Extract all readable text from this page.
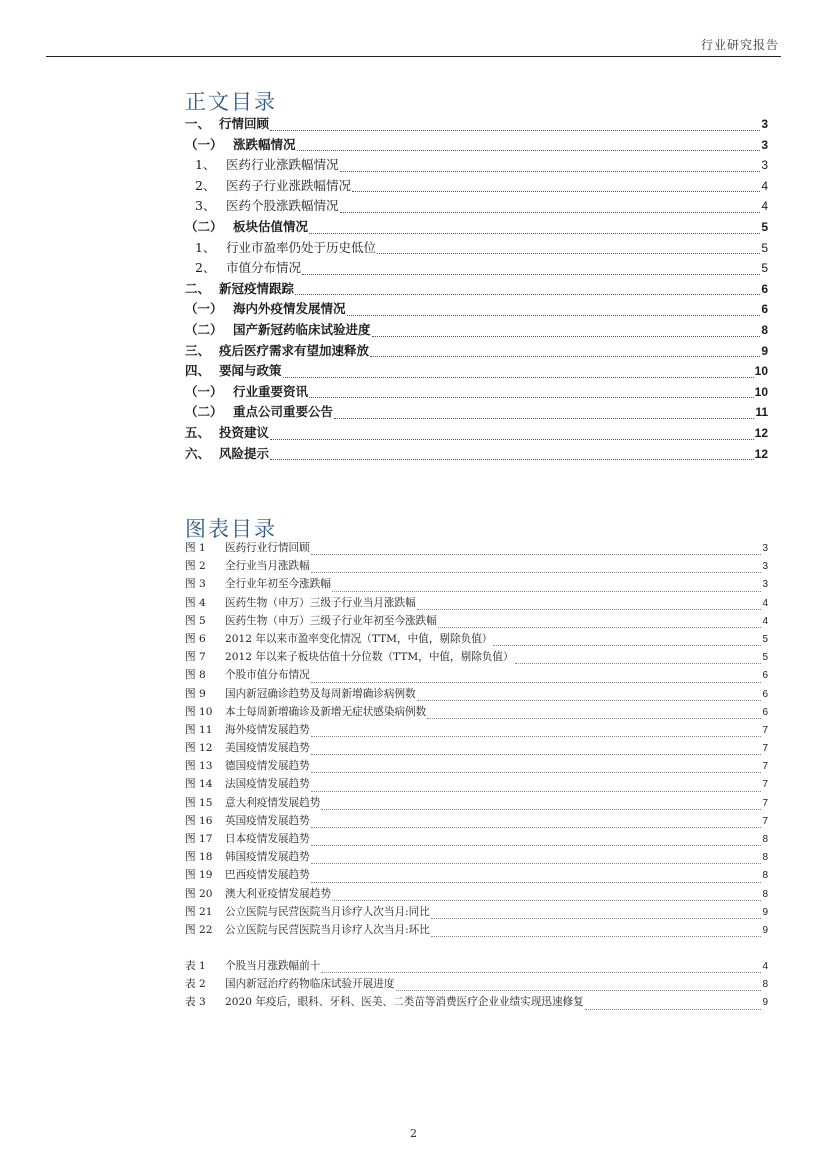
行业研究报告
正文目录
一、 行情回顾	3
（一） 涨跌幅情况	3
1、 医药行业涨跌幅情况	3
2、 医药子行业涨跌幅情况	4
3、 医药个股涨跌幅情况	4
（二） 板块估值情况	5
1、 行业市盈率仍处于历史低位	5
2、 市值分布情况	5
二、 新冠疫情跟踪	6
（一） 海内外疫情发展情况	6
（二） 国产新冠药临床试验进度	8
三、 疫后医疗需求有望加速释放	9
四、 要闻与政策	10
（一） 行业重要资讯	10
（二） 重点公司重要公告	11
五、 投资建议	12
六、 风险提示	12
图表目录
图 1	医药行业行情回顾	3
图 2	全行业当月涨跌幅	3
图 3	全行业年初至今涨跌幅	3
图 4	医药生物（申万）三级子行业当月涨跌幅	4
图 5	医药生物（申万）三级子行业年初至今涨跌幅	4
图 6	2012 年以来市盈率变化情况（TTM，中值，剔除负值）	5
图 7	2012 年以来子板块估值十分位数（TTM，中值，剔除负值）	5
图 8	个股市值分布情况	6
图 9	国内新冠确诊趋势及每周新增确诊病例数	6
图 10	本土每周新增确诊及新增无症状感染病例数	6
图 11	海外疫情发展趋势	7
图 12	美国疫情发展趋势	7
图 13	德国疫情发展趋势	7
图 14	法国疫情发展趋势	7
图 15	意大利疫情发展趋势	7
图 16	英国疫情发展趋势	7
图 17	日本疫情发展趋势	8
图 18	韩国疫情发展趋势	8
图 19	巴西疫情发展趋势	8
图 20	澳大利亚疫情发展趋势	8
图 21	公立医院与民营医院当月诊疗人次当月:同比	9
图 22	公立医院与民营医院当月诊疗人次当月:环比	9
表 1	个股当月涨跌幅前十	4
表 2	国内新冠治疗药物临床试验开展进度	8
表 3	2020 年疫后，眼科、牙科、医美、二类苗等消费医疗企业业绩实现迅速修复	9
2
